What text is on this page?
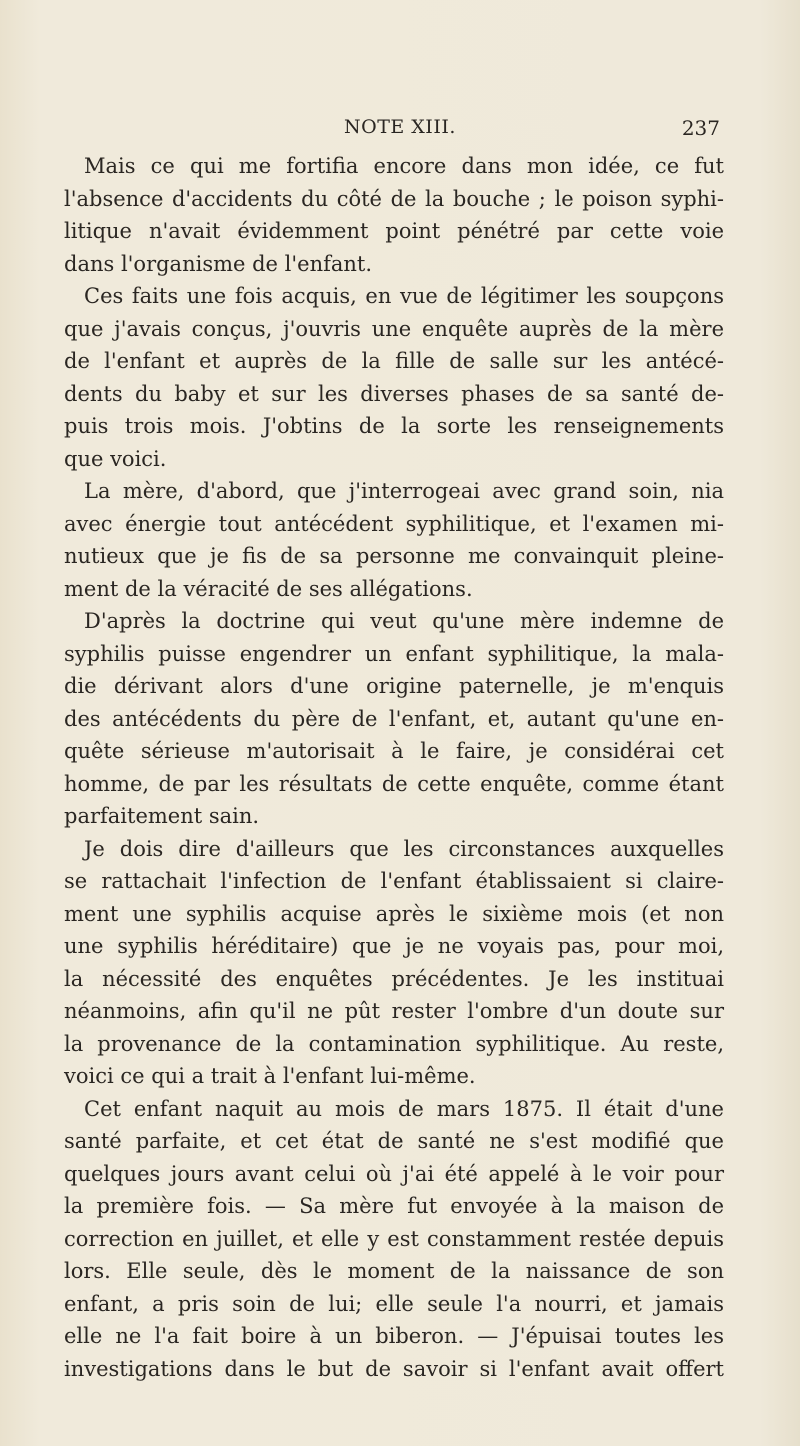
NOTE XIII.	237
Mais ce qui me fortifia encore dans mon idée, ce fut
l'absence d'accidents du côté de la bouche ; le poison syphi-
litique n'avait évidemment point pénétré par cette voie
dans l'organisme de l'enfant.
Ces faits une fois acquis, en vue de légitimer les soupçons
que j'avais conçus, j'ouvris une enquête auprès de la mère
de l'enfant et auprès de la fille de salle sur les antécé-
dents du baby et sur les diverses phases de sa santé de-
puis trois mois. J'obtins de la sorte les renseignements
que voici.
La mère, d'abord, que j'interrogeai avec grand soin, nia
avec énergie tout antécédent syphilitique, et l'examen mi-
nutieux que je fis de sa personne me convainquit pleine-
ment de la véracité de ses allégations.
D'après la doctrine qui veut qu'une mère indemne de
syphilis puisse engendrer un enfant syphilitique, la mala-
die dérivant alors d'une origine paternelle, je m'enquis
des antécédents du père de l'enfant, et, autant qu'une en-
quête sérieuse m'autorisait à le faire, je considérai cet
homme, de par les résultats de cette enquête, comme étant
parfaitement sain.
Je dois dire d'ailleurs que les circonstances auxquelles
se rattachait l'infection de l'enfant établissaient si claire-
ment une syphilis acquise après le sixième mois (et non
une syphilis héréditaire) que je ne voyais pas, pour moi,
la nécessité des enquêtes précédentes. Je les instituai
néanmoins, afin qu'il ne pût rester l'ombre d'un doute sur
la provenance de la contamination syphilitique. Au reste,
voici ce qui a trait à l'enfant lui-même.
Cet enfant naquit au mois de mars 1875. Il était d'une
santé parfaite, et cet état de santé ne s'est modifié que
quelques jours avant celui où j'ai été appelé à le voir pour
la première fois. — Sa mère fut envoyée à la maison de
correction en juillet, et elle y est constamment restée depuis
lors. Elle seule, dès le moment de la naissance de son
enfant, a pris soin de lui; elle seule l'a nourri, et jamais
elle ne l'a fait boire à un biberon. — J'épuisai toutes les
investigations dans le but de savoir si l'enfant avait offert
